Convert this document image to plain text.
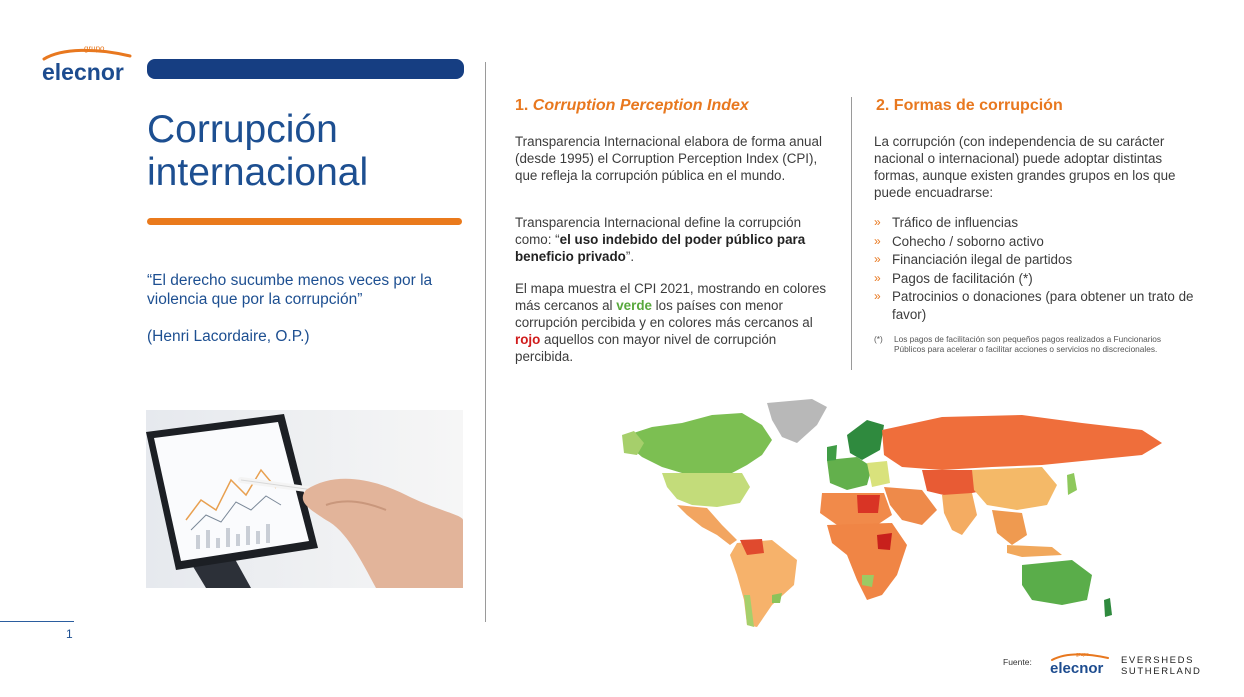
grupo
elecnor
Corrupción internacional
“El derecho sucumbe menos veces por la violencia que por la corrupción”
(Henri Lacordaire, O.P.)
1. Corruption Perception Index
Transparencia Internacional elabora de forma anual (desde 1995) el Corruption Perception Index (CPI), que refleja la corrupción pública en el mundo.
Transparencia Internacional define la corrupción como: “el uso indebido del poder público para beneficio privado”.
El mapa muestra el CPI 2021, mostrando en colores más cercanos al verde los países con menor corrupción percibida y en colores más cercanos al rojo aquellos con mayor nivel de corrupción percibida.
2. Formas de corrupción
La corrupción (con independencia de su carácter nacional o internacional) puede adoptar distintas formas, aunque existen grandes grupos en los que puede encuadrarse:
» Tráfico de influencias
» Cohecho / soborno activo
» Financiación ilegal de partidos
» Pagos de facilitación (*)
» Patrocinios o donaciones (para obtener un trato de favor)
(*) Los pagos de facilitación son pequeños pagos realizados a Funcionarios Públicos para acelerar o facilitar acciones o servicios no discrecionales.
1
Fuente:
grupo
elecnor EVERSHEDS
SUTHERLAND
